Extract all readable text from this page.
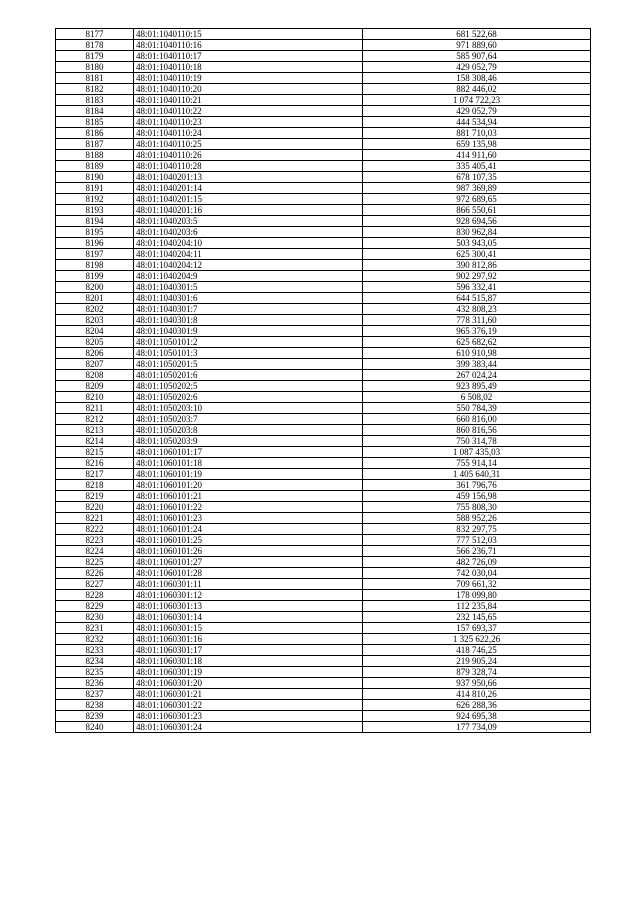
8177	48:01:1040110:15	681 522,68
8178	48:01:1040110:16	971 889,60
8179	48:01:1040110:17	585 907,64
8180	48:01:1040110:18	429 052,79
8181	48:01:1040110:19	158 308,46
8182	48:01:1040110:20	882 446,02
8183	48:01:1040110:21	1 074 722,23
8184	48:01:1040110:22	429 052,79
8185	48:01:1040110:23	444 534,94
8186	48:01:1040110:24	881 710,03
8187	48:01:1040110:25	659 135,98
8188	48:01:1040110:26	414 911,60
8189	48:01:1040110:28	335 405,41
8190	48:01:1040201:13	678 107,35
8191	48:01:1040201:14	987 369,89
8192	48:01:1040201:15	972 689,65
8193	48:01:1040201:16	866 550,61
8194	48:01:1040203:5	928 694,56
8195	48:01:1040203:6	830 962,84
8196	48:01:1040204:10	503 943,05
8197	48:01:1040204:11	625 300,41
8198	48:01:1040204:12	390 812,86
8199	48:01:1040204:9	902 297,92
8200	48:01:1040301:5	596 332,41
8201	48:01:1040301:6	644 515,87
8202	48:01:1040301:7	432 808,23
8203	48:01:1040301:8	778 311,60
8204	48:01:1040301:9	965 376,19
8205	48:01:1050101:2	625 682,62
8206	48:01:1050101:3	610 910,98
8207	48:01:1050201:5	399 383,44
8208	48:01:1050201:6	267 024,24
8209	48:01:1050202:5	923 895,49
8210	48:01:1050202:6	6 508,02
8211	48:01:1050203:10	550 784,39
8212	48:01:1050203:7	660 816,00
8213	48:01:1050203:8	860 816,56
8214	48:01:1050203:9	750 314,78
8215	48:01:1060101:17	1 087 435,03
8216	48:01:1060101:18	755 914,14
8217	48:01:1060101:19	1 405 640,31
8218	48:01:1060101:20	361 796,76
8219	48:01:1060101:21	459 156,98
8220	48:01:1060101:22	755 808,30
8221	48:01:1060101:23	588 952,26
8222	48:01:1060101:24	832 297,75
8223	48:01:1060101:25	777 512,03
8224	48:01:1060101:26	566 236,71
8225	48:01:1060101:27	482 726,09
8226	48:01:1060101:28	742 030,04
8227	48:01:1060301:11	709 661,32
8228	48:01:1060301:12	178 099,80
8229	48:01:1060301:13	112 235,84
8230	48:01:1060301:14	232 145,65
8231	48:01:1060301:15	157 693,37
8232	48:01:1060301:16	1 325 622,26
8233	48:01:1060301:17	418 746,25
8234	48:01:1060301:18	219 905,24
8235	48:01:1060301:19	879 328,74
8236	48:01:1060301:20	937 950,66
8237	48:01:1060301:21	414 810,26
8238	48:01:1060301:22	626 288,36
8239	48:01:1060301:23	924 695,38
8240	48:01:1060301:24	177 734,09
